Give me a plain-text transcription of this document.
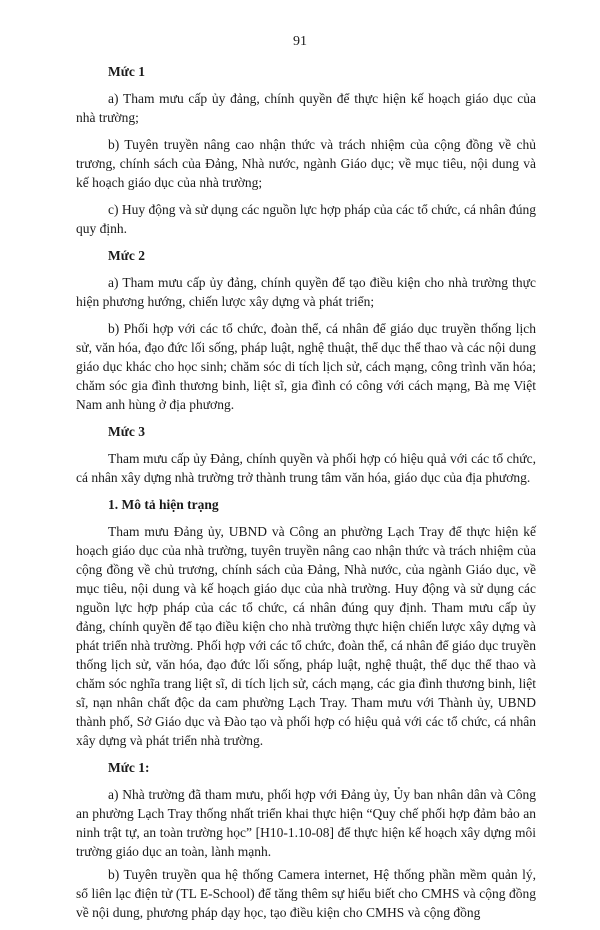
91
Mức 1

a) Tham mưu cấp ủy đảng, chính quyền để thực hiện kế hoạch giáo dục của nhà trường;

b) Tuyên truyền nâng cao nhận thức và trách nhiệm của cộng đồng về chủ trương, chính sách của Đảng, Nhà nước, ngành Giáo dục; về mục tiêu, nội dung và kế hoạch giáo dục của nhà trường;

c) Huy động và sử dụng các nguồn lực hợp pháp của các tổ chức, cá nhân đúng quy định.

Mức 2

a) Tham mưu cấp ủy đảng, chính quyền để tạo điều kiện cho nhà trường thực hiện phương hướng, chiến lược xây dựng và phát triển;

b) Phối hợp với các tổ chức, đoàn thể, cá nhân để giáo dục truyền thống lịch sử, văn hóa, đạo đức lối sống, pháp luật, nghệ thuật, thể dục thể thao và các nội dung giáo dục khác cho học sinh; chăm sóc di tích lịch sử, cách mạng, công trình văn hóa; chăm sóc gia đình thương binh, liệt sĩ, gia đình có công với cách mạng, Bà mẹ Việt Nam anh hùng ở địa phương.

Mức 3

Tham mưu cấp ủy Đảng, chính quyền và phối hợp có hiệu quả với các tổ chức, cá nhân xây dựng nhà trường trở thành trung tâm văn hóa, giáo dục của địa phương.

1. Mô tả hiện trạng

Tham mưu Đảng ủy, UBND và Công an phường Lạch Tray để thực hiện kế hoạch giáo dục của nhà trường, tuyên truyền nâng cao nhận thức và trách nhiệm của cộng đồng về chủ trương, chính sách của Đảng, Nhà nước, của ngành Giáo dục, về mục tiêu, nội dung và kế hoạch giáo dục của nhà trường. Huy động và sử dụng các nguồn lực hợp pháp của các tổ chức, cá nhân đúng quy định. Tham mưu cấp ủy đảng, chính quyền để tạo điều kiện cho nhà trường thực hiện chiến lược xây dựng và phát triển nhà trường. Phối hợp với các tổ chức, đoàn thể, cá nhân để giáo dục truyền thống lịch sử, văn hóa, đạo đức lối sống, pháp luật, nghệ thuật, thể dục thể thao và chăm sóc nghĩa trang liệt sĩ, di tích lịch sử, cách mạng, các gia đình thương binh, liệt sĩ, nạn nhân chất độc da cam phường Lạch Tray. Tham mưu với Thành ủy, UBND thành phố, Sở Giáo dục và Đào tạo và phối hợp có hiệu quả với các tổ chức, cá nhân xây dựng và phát triển nhà trường.

Mức 1:

a) Nhà trường đã tham mưu, phối hợp với Đảng ủy, Ủy ban nhân dân và Công an phường Lạch Tray thống nhất triển khai thực hiện “Quy chế phối hợp đảm bảo an ninh trật tự, an toàn trường học” [H10-1.10-08] để thực hiện kế hoạch xây dựng môi trường giáo dục an toàn, lành mạnh.

b) Tuyên truyền qua hệ thống Camera internet, Hệ thống phần mềm quản lý, sổ liên lạc điện tử (TL E-School) để tăng thêm sự hiểu biết cho CMHS và cộng đồng về nội dung, phương pháp dạy học, tạo điều kiện cho CMHS và cộng đồng
